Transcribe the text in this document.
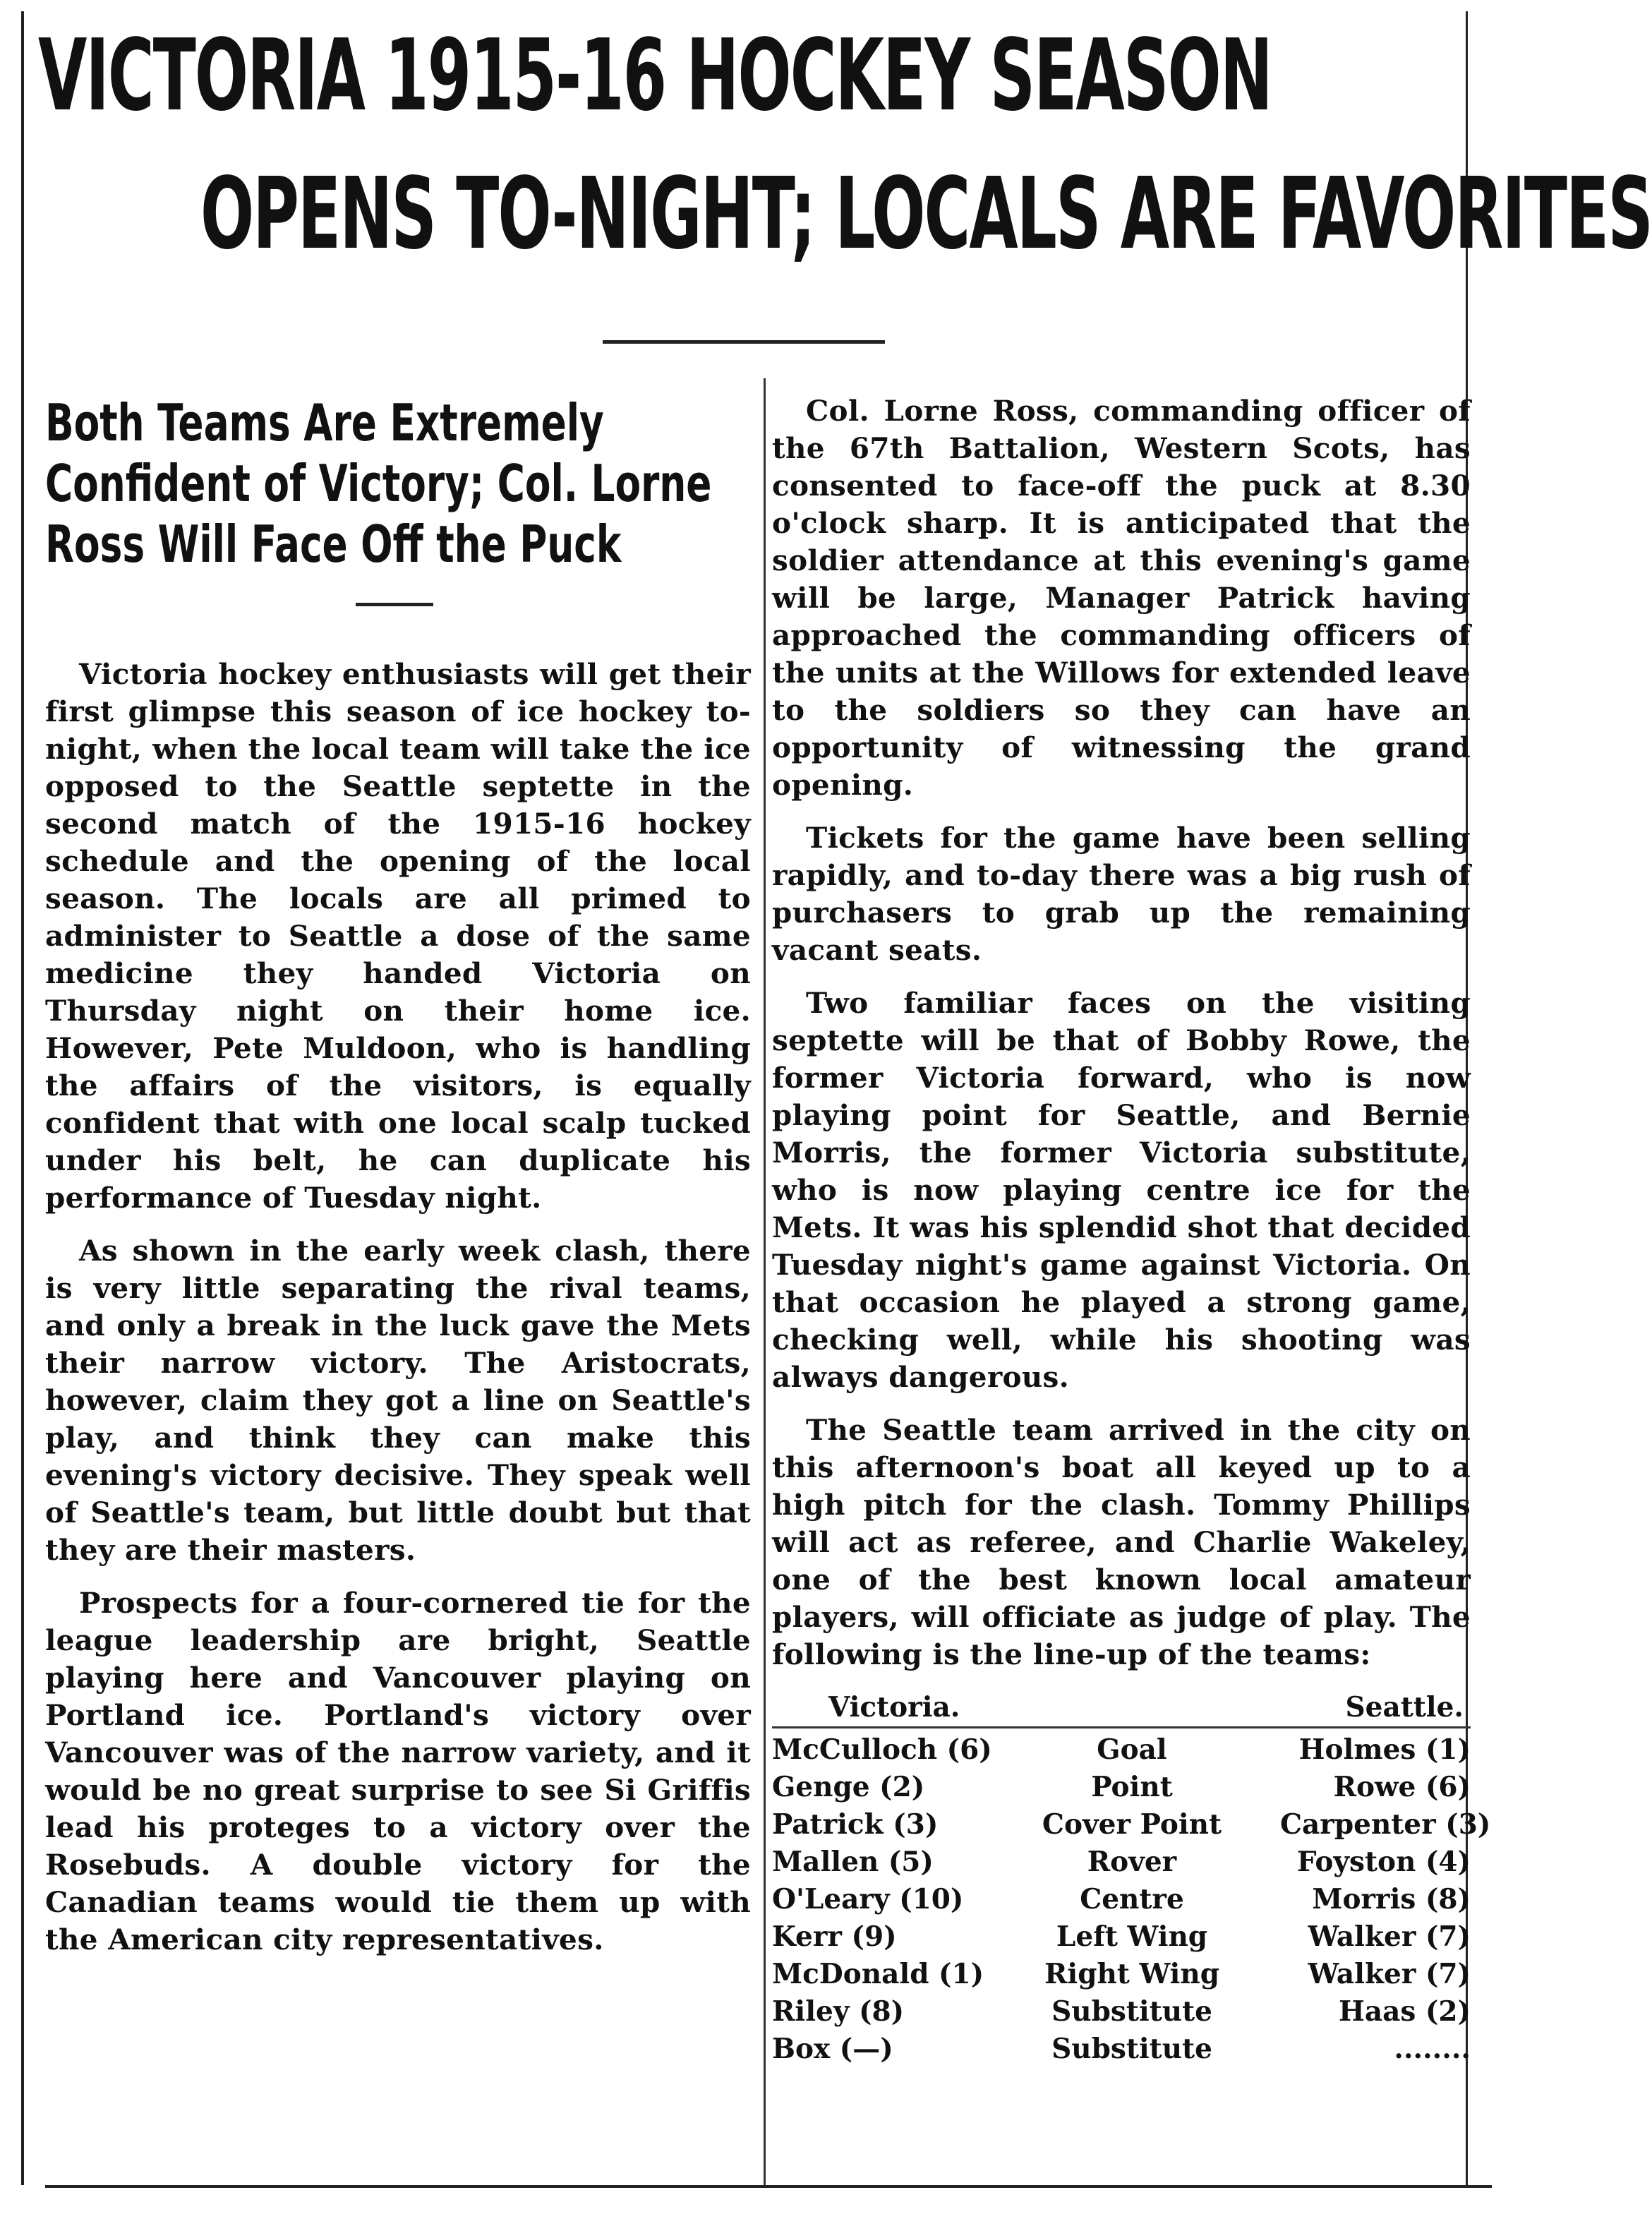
VICTORIA 1915-16 HOCKEY SEASON
OPENS TO-NIGHT; LOCALS ARE FAVORITES
Both Teams Are Extremely Confident of Victory; Col. Lorne Ross Will Face Off the Puck

Victoria hockey enthusiasts will get their first glimpse this season of ice hockey to-night, when the local team will take the ice opposed to the Seattle septette in the second match of the 1915-16 hockey schedule and the opening of the local season. The locals are all primed to administer to Seattle a dose of the same medicine they handed Victoria on Thursday night on their home ice. However, Pete Muldoon, who is handling the affairs of the visitors, is equally confident that with one local scalp tucked under his belt, he can duplicate his performance of Tuesday night.

As shown in the early week clash, there is very little separating the rival teams, and only a break in the luck gave the Mets their narrow victory. The Aristocrats, however, claim they got a line on Seattle's play, and think they can make this evening's victory decisive. They speak well of Seattle's team, but little doubt but that they are their masters.

Prospects for a four-cornered tie for the league leadership are bright, Seattle playing here and Vancouver playing on Portland ice. Portland's victory over Vancouver was of the narrow variety, and it would be no great surprise to see Si Griffis lead his proteges to a victory over the Rosebuds. A double victory for the Canadian teams would tie them up with the American city representatives.

Col. Lorne Ross, commanding officer of the 67th Battalion, Western Scots, has consented to face-off the puck at 8.30 o'clock sharp. It is anticipated that the soldier attendance at this evening's game will be large, Manager Patrick having approached the commanding officers of the units at the Willows for extended leave to the soldiers so they can have an opportunity of witnessing the grand opening.

Tickets for the game have been selling rapidly, and to-day there was a big rush of purchasers to grab up the remaining vacant seats.

Two familiar faces on the visiting septette will be that of Bobby Rowe, the former Victoria forward, who is now playing point for Seattle, and Bernie Morris, the former Victoria substitute, who is now playing centre ice for the Mets. It was his splendid shot that decided Tuesday night's game against Victoria. On that occasion he played a strong game, checking well, while his shooting was always dangerous.

The Seattle team arrived in the city on this afternoon's boat all keyed up to a high pitch for the clash. Tommy Phillips will act as referee, and Charlie Wakeley, one of the best known local amateur players, will officiate as judge of play. The following is the line-up of the teams:

Victoria.	Seattle.
McCulloch (6)	Goal	Holmes (1)
Genge (2)	Point	Rowe (6)
Patrick (3)	Cover Point	Carpenter (3)
Mallen (5)	Rover	Foyston (4)
O'Leary (10)	Centre	Morris (8)
Kerr (9)	Left Wing	Walker (7)
McDonald (1)	Right Wing	Walker (7)
Riley (8)	Substitute	Haas (2)
Box (—)	Substitute	........
